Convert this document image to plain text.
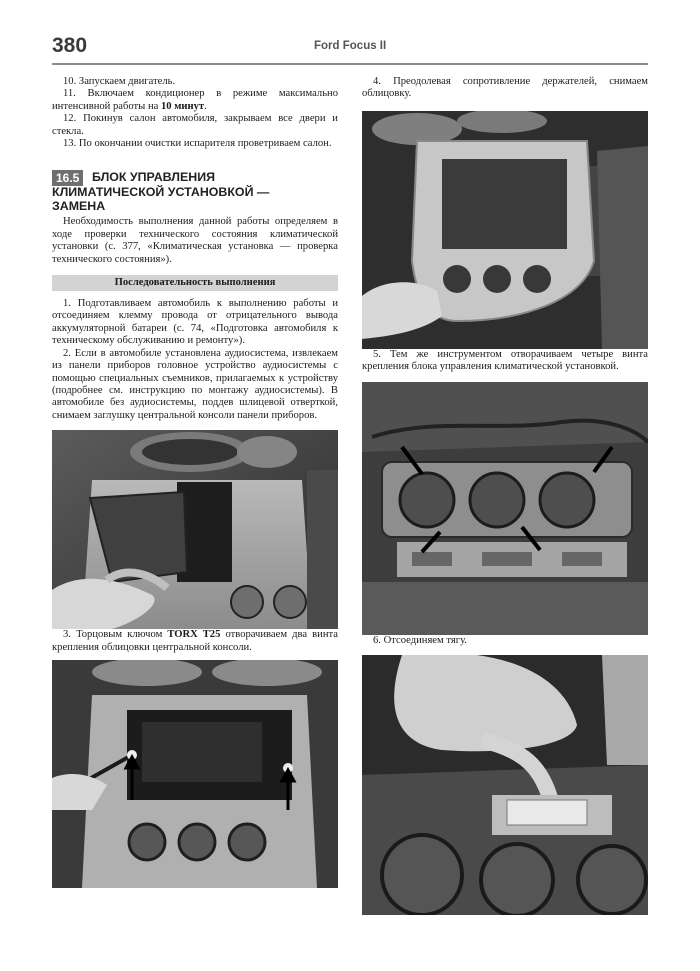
380	Ford Focus II

10. Запускаем двигатель.

11. Включаем кондиционер в режиме максимально интенсивной работы на 10 минут.

12. Покинув салон автомобиля, закрываем все двери и стекла.

13. По окончании очистки испарителя проветриваем салон.

16.5	БЛОК УПРАВЛЕНИЯ
КЛИМАТИЧЕСКОЙ УСТАНОВКОЙ —
ЗАМЕНА

Необходимость выполнения данной работы определяем в ходе проверки технического состояния климатической установки (с. 377, «Климатическая установка — проверка технического состояния»).

Последовательность выполнения

1. Подготавливаем автомобиль к выполнению работы и отсоединяем клемму провода от отрицательного вывода аккумуляторной батареи (с. 74, «Подготовка автомобиля к техническому обслуживанию и ремонту»).

2. Если в автомобиле установлена аудиосистема, извлекаем из панели приборов головное устройство аудиосистемы с помощью специальных съемников, прилагаемых к устройству (подробнее см. инструкцию по монтажу аудиосистемы). В автомобиле без аудиосистемы, поддев шлицевой отверткой, снимаем заглушку центральной консоли панели приборов.

3. Торцовым ключом TORX T25 отворачиваем два винта крепления облицовки центральной консоли.

4. Преодолевая сопротивление держателей, снимаем облицовку.

5. Тем же инструментом отворачиваем четыре винта крепления блока управления климатической установкой.

6. Отсоединяем тягу.
